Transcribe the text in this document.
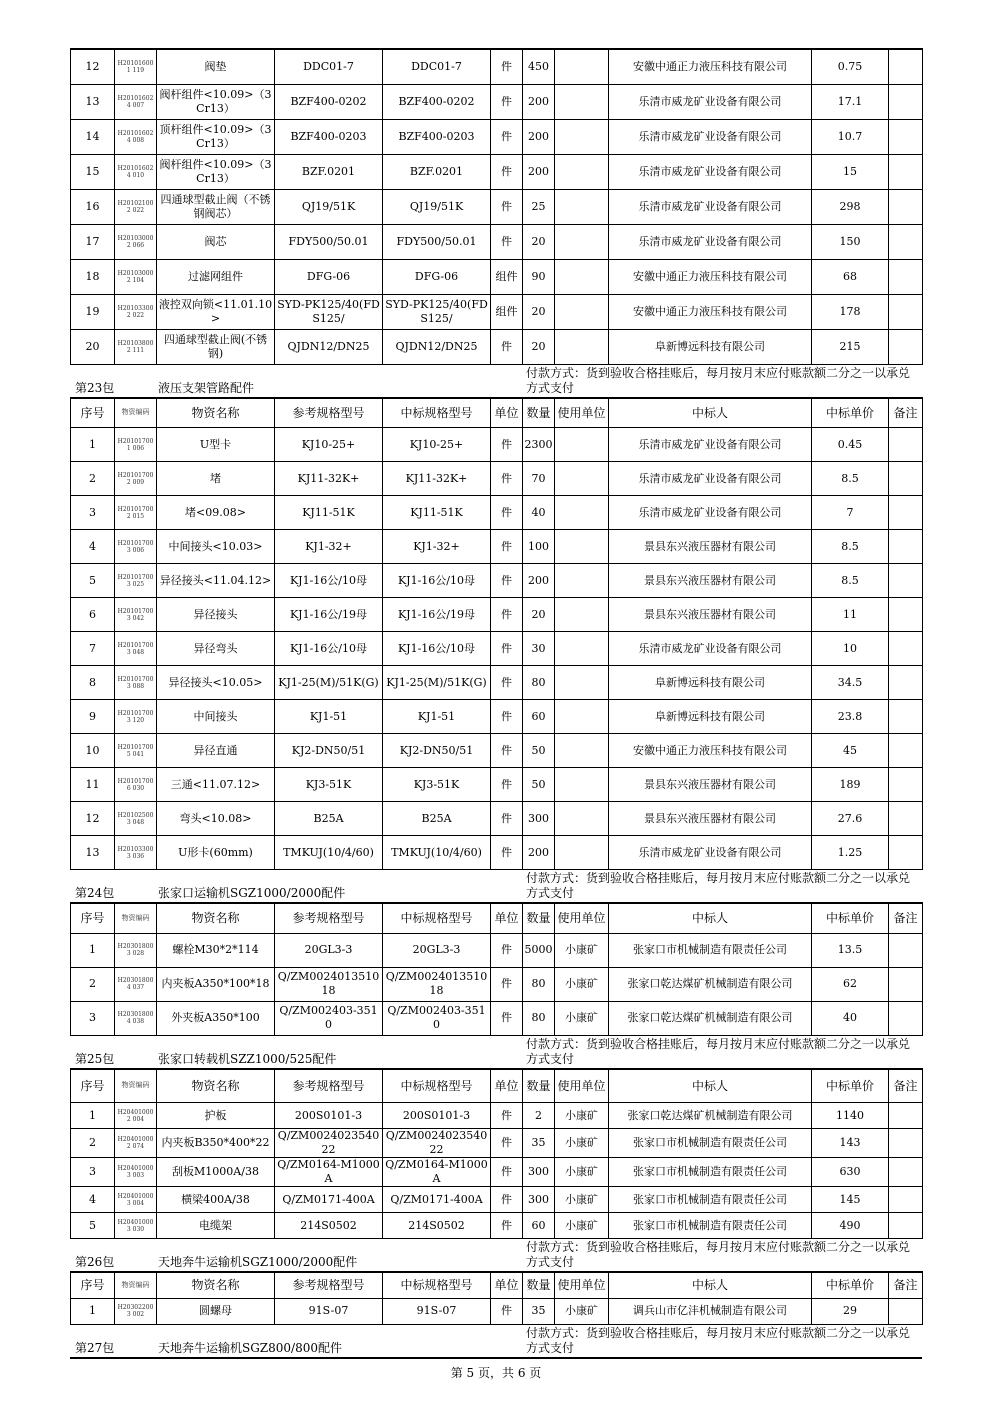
12	H201016001 119	阀垫	DDC01-7	DDC01-7	件	450		安徽中通正力液压科技有限公司	0.75	
13	H201016024 007	阀杆组件<10.09>（3Cr13）	BZF400-0202	BZF400-0202	件	200		乐清市威龙矿业设备有限公司	17.1	
14	H201016024 008	顶杆组件<10.09>（3Cr13）	BZF400-0203	BZF400-0203	件	200		乐清市威龙矿业设备有限公司	10.7	
15	H201016024 010	阀杆组件<10.09>（3Cr13）	BZF.0201	BZF.0201	件	200		乐清市威龙矿业设备有限公司	15	
16	H201021002 022	四通球型截止阀（不锈钢阀芯）	QJ19/51K	QJ19/51K	件	25		乐清市威龙矿业设备有限公司	298	
17	H201030002 066	阀芯	FDY500/50.01	FDY500/50.01	件	20		乐清市威龙矿业设备有限公司	150	
18	H201030002 104	过滤网组件	DFG-06	DFG-06	组件	90		安徽中通正力液压科技有限公司	68	
19	H201033002 022	液控双向锁<11.01.10>	SYD-PK125/40(FDS125/	SYD-PK125/40(FDS125/	组件	20		安徽中通正力液压科技有限公司	178	
20	H201038002 111	四通球型截止阀(不锈钢)	QJDN12/DN25	QJDN12/DN25	件	20		阜新博远科技有限公司	215	
付款方式：货到验收合格挂账后，每月按月末应付账款额二分之一以承兑方式支付
第23包	液压支架管路配件
序号	物资编码	物资名称	参考规格型号	中标规格型号	单位	数量	使用单位	中标人	中标单价	备注
1	H201017001 006	U型卡	KJ10-25+	KJ10-25+	件	2300		乐清市威龙矿业设备有限公司	0.45	
2	H201017002 009	堵	KJ11-32K+	KJ11-32K+	件	70		乐清市威龙矿业设备有限公司	8.5	
3	H201017002 015	堵<09.08>	KJ11-51K	KJ11-51K	件	40		乐清市威龙矿业设备有限公司	7	
4	H201017003 006	中间接头<10.03>	KJ1-32+	KJ1-32+	件	100		景县东兴液压器材有限公司	8.5	
5	H201017003 025	异径接头<11.04.12>	KJ1-16公/10母	KJ1-16公/10母	件	200		景县东兴液压器材有限公司	8.5	
6	H201017003 042	异径接头	KJ1-16公/19母	KJ1-16公/19母	件	20		景县东兴液压器材有限公司	11	
7	H201017003 048	异径弯头	KJ1-16公/10母	KJ1-16公/10母	件	30		乐清市威龙矿业设备有限公司	10	
8	H201017003 088	异径接头<10.05>	KJ1-25(M)/51K(G)	KJ1-25(M)/51K(G)	件	80		阜新博远科技有限公司	34.5	
9	H201017003 120	中间接头	KJ1-51	KJ1-51	件	60		阜新博远科技有限公司	23.8	
10	H201017005 041	异径直通	KJ2-DN50/51	KJ2-DN50/51	件	50		安徽中通正力液压科技有限公司	45	
11	H201017006 030	三通<11.07.12>	KJ3-51K	KJ3-51K	件	50		景县东兴液压器材有限公司	189	
12	H201025003 048	弯头<10.08>	B25A	B25A	件	300		景县东兴液压器材有限公司	27.6	
13	H201033003 036	U形卡(60mm)	TMKUJ(10/4/60)	TMKUJ(10/4/60)	件	200		乐清市威龙矿业设备有限公司	1.25	
付款方式：货到验收合格挂账后，每月按月末应付账款额二分之一以承兑方式支付
第24包	张家口运输机SGZ1000/2000配件
序号	物资编码	物资名称	参考规格型号	中标规格型号	单位	数量	使用单位	中标人	中标单价	备注
1	H203018003 028	螺栓M30*2*114	20GL3-3	20GL3-3	件	5000	小康矿	张家口市机械制造有限责任公司	13.5	
2	H203018004 037	内夹板A350*100*18	Q/ZM002401351018	Q/ZM002401351018	件	80	小康矿	张家口乾达煤矿机械制造有限公司	62	
3	H203018004 038	外夹板A350*100	Q/ZM002403-3510	Q/ZM002403-3510	件	80	小康矿	张家口乾达煤矿机械制造有限公司	40	
付款方式：货到验收合格挂账后，每月按月末应付账款额二分之一以承兑方式支付
第25包	张家口转载机SZZ1000/525配件
序号	物资编码	物资名称	参考规格型号	中标规格型号	单位	数量	使用单位	中标人	中标单价	备注
1	H204010002 004	护板	200S0101-3	200S0101-3	件	2	小康矿	张家口乾达煤矿机械制造有限公司	1140	
2	H204010002 074	内夹板B350*400*22	Q/ZM002402354022	Q/ZM002402354022	件	35	小康矿	张家口市机械制造有限责任公司	143	
3	H204010003 003	刮板M1000A/38	Q/ZM0164-M1000A	Q/ZM0164-M1000A	件	300	小康矿	张家口市机械制造有限责任公司	630	
4	H204010003 004	横梁400A/38	Q/ZM0171-400A	Q/ZM0171-400A	件	300	小康矿	张家口市机械制造有限责任公司	145	
5	H204010003 030	电缆架	214S0502	214S0502	件	60	小康矿	张家口市机械制造有限责任公司	490	
付款方式：货到验收合格挂账后，每月按月末应付账款额二分之一以承兑方式支付
第26包	天地奔牛运输机SGZ1000/2000配件
序号	物资编码	物资名称	参考规格型号	中标规格型号	单位	数量	使用单位	中标人	中标单价	备注
1	H203022003 002	圆螺母	91S-07	91S-07	件	35	小康矿	调兵山市亿沣机械制造有限公司	29	
付款方式：货到验收合格挂账后，每月按月末应付账款额二分之一以承兑方式支付
第27包	天地奔牛运输机SGZ800/800配件
第 5 页，共 6 页
